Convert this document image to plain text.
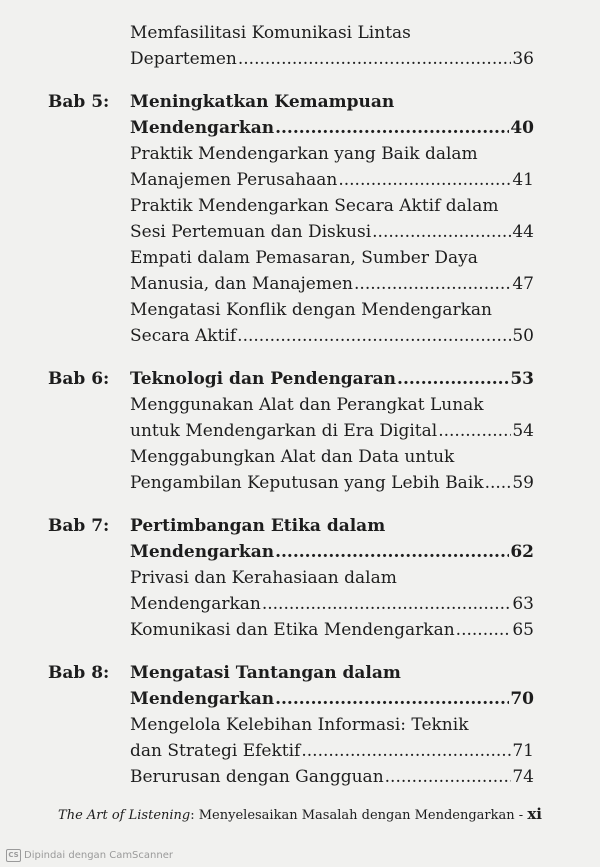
Memfasilitasi Komunikasi Lintas
Departemen .....	36
Bab 5:	Meningkatkan Kemampuan
Mendengarkan .....	40
Praktik Mendengarkan yang Baik dalam
Manajemen Perusahaan .....	41
Praktik Mendengarkan Secara Aktif dalam
Sesi Pertemuan dan Diskusi .....	44
Empati dalam Pemasaran, Sumber Daya
Manusia, dan Manajemen .....	47
Mengatasi Konflik dengan Mendengarkan
Secara Aktif .....	50
Bab 6:	Teknologi dan Pendengaran .....	53
Menggunakan Alat dan Perangkat Lunak
untuk Mendengarkan di Era Digital .....	54
Menggabungkan Alat dan Data untuk
Pengambilan Keputusan yang Lebih Baik ..... 59
Bab 7:	Pertimbangan Etika dalam
Mendengarkan .....	62
Privasi dan Kerahasiaan dalam
Mendengarkan .....	63
Komunikasi dan Etika Mendengarkan .....	65
Bab 8:	Mengatasi Tantangan dalam
Mendengarkan .....	70
Mengelola Kelebihan Informasi: Teknik
dan Strategi Efektif .....	71
Berurusan dengan Gangguan .....	74
The Art of Listening: Menyelesaikan Masalah dengan Mendengarkan - xi
CS Dipindai dengan CamScanner
